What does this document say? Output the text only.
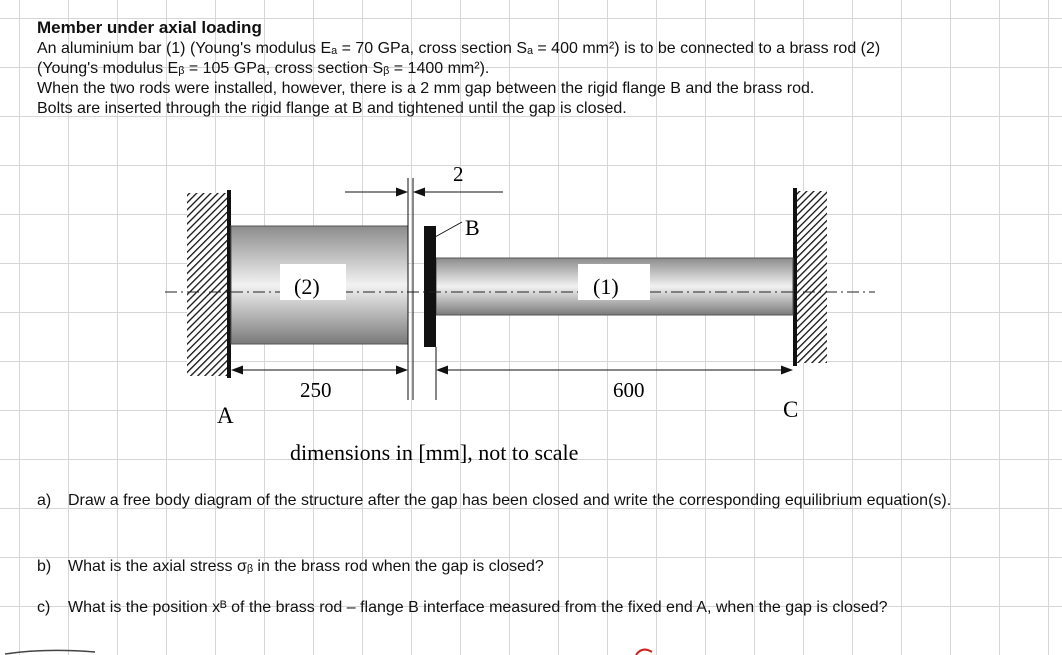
Member under axial loading

An aluminium bar (1) (Young's modulus Eₐ = 70 GPa, cross section Sₐ = 400 mm²) is to be connected to a brass rod (2)

(Young's modulus Eᵦ = 105 GPa, cross section Sᵦ = 1400 mm²).

When the two rods were installed, however, there is a 2 mm gap between the rigid flange B and the brass rod.

Bolts are inserted through the rigid flange at B and tightened until the gap is closed.

2
B
(2)	(1)
250	600
A	C
dimensions in [mm], not to scale
a) Draw a free body diagram of the structure after the gap has been closed and write the corresponding equilibrium equation(s).
b) What is the axial stress σᵦ in the brass rod when the gap is closed?
c) What is the position xᴮ of the brass rod – flange B interface measured from the fixed end A, when the gap is closed?
